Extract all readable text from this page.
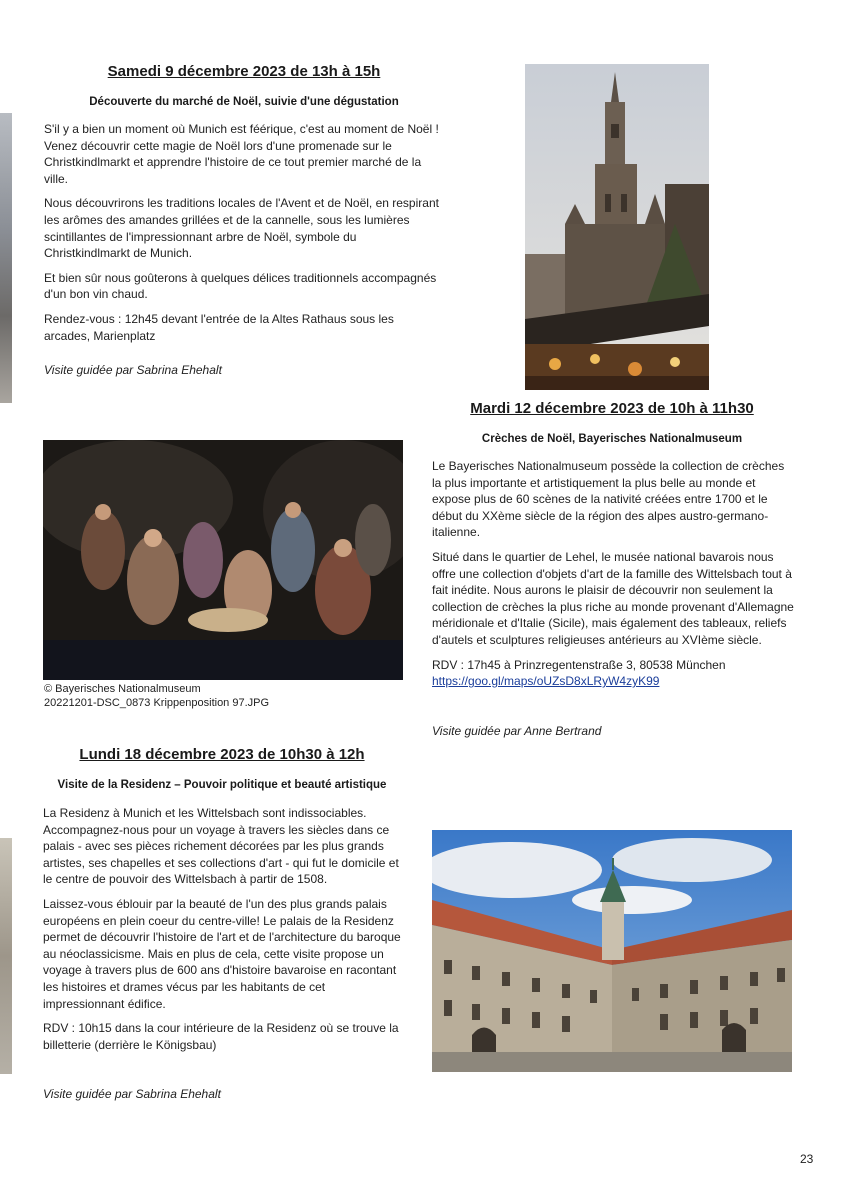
Samedi 9 décembre 2023 de 13h à 15h
Découverte du marché de Noël, suivie d'une dégustation

S'il y a bien un moment où Munich est féérique, c'est au moment de Noël ! Venez découvrir cette magie de Noël lors d'une promenade sur le Christkindlmarkt et apprendre l'histoire de ce tout premier marché de la ville.

Nous découvrirons les traditions locales de l'Avent et de Noël, en respirant les arômes des amandes grillées et de la cannelle, sous les lumières scintillantes de l'impressionnant arbre de Noël, symbole du Christkindlmarkt de Munich.

Et bien sûr nous goûterons à quelques délices traditionnels accompagnés d'un bon vin chaud.

Rendez-vous : 12h45 devant l'entrée de la Altes Rathaus sous les arcades, Marienplatz

Visite guidée par Sabrina Ehehalt
© Bayerisches Nationalmuseum
20221201-DSC_0873 Krippenposition 97.JPG
Mardi 12 décembre 2023 de 10h à 11h30
Crèches de Noël, Bayerisches Nationalmuseum

Le Bayerisches Nationalmuseum possède la collection de crèches la plus importante et artistiquement la plus belle au monde et expose plus de 60 scènes de la nativité créées entre 1700 et le début du XXème siècle de la région des alpes austro-germano-italienne.

Situé dans le quartier de Lehel, le musée national bavarois nous offre une collection d'objets d'art de la famille des Wittelsbach tout à fait inédite. Nous aurons le plaisir de découvrir non seulement la collection de crèches la plus riche au monde provenant d'Allemagne méridionale et d'Italie (Sicile), mais également des tableaux, reliefs d'autels et sculptures religieuses antérieurs au XVIème siècle.

RDV : 17h45 à Prinzregentenstraße 3, 80538 München
https://goo.gl/maps/oUZsD8xLRyW4zyK99
Visite guidée par Anne Bertrand
Lundi 18 décembre 2023 de 10h30 à 12h
Visite de la Residenz – Pouvoir politique et beauté artistique

La Residenz à Munich et les Wittelsbach sont indissociables. Accompagnez-nous pour un voyage à travers les siècles dans ce palais - avec ses pièces richement décorées par les plus grands artistes, ses chapelles et ses collections d'art - qui fut le domicile et le centre de pouvoir des Wittelsbach à partir de 1508.

Laissez-vous éblouir par la beauté de l'un des plus grands palais européens en plein coeur du centre-ville! Le palais de la Residenz permet de découvrir l'histoire de l'art et de l'architecture du baroque au néoclassicisme. Mais en plus de cela, cette visite propose un voyage à travers plus de 600 ans d'histoire bavaroise en racontant les histoires et drames vécus par les habitants de cet impressionnant édifice.

RDV : 10h15 dans la cour intérieure de la Residenz où se trouve la billetterie (derrière le Königsbau)

Visite guidée par Sabrina Ehehalt
23
